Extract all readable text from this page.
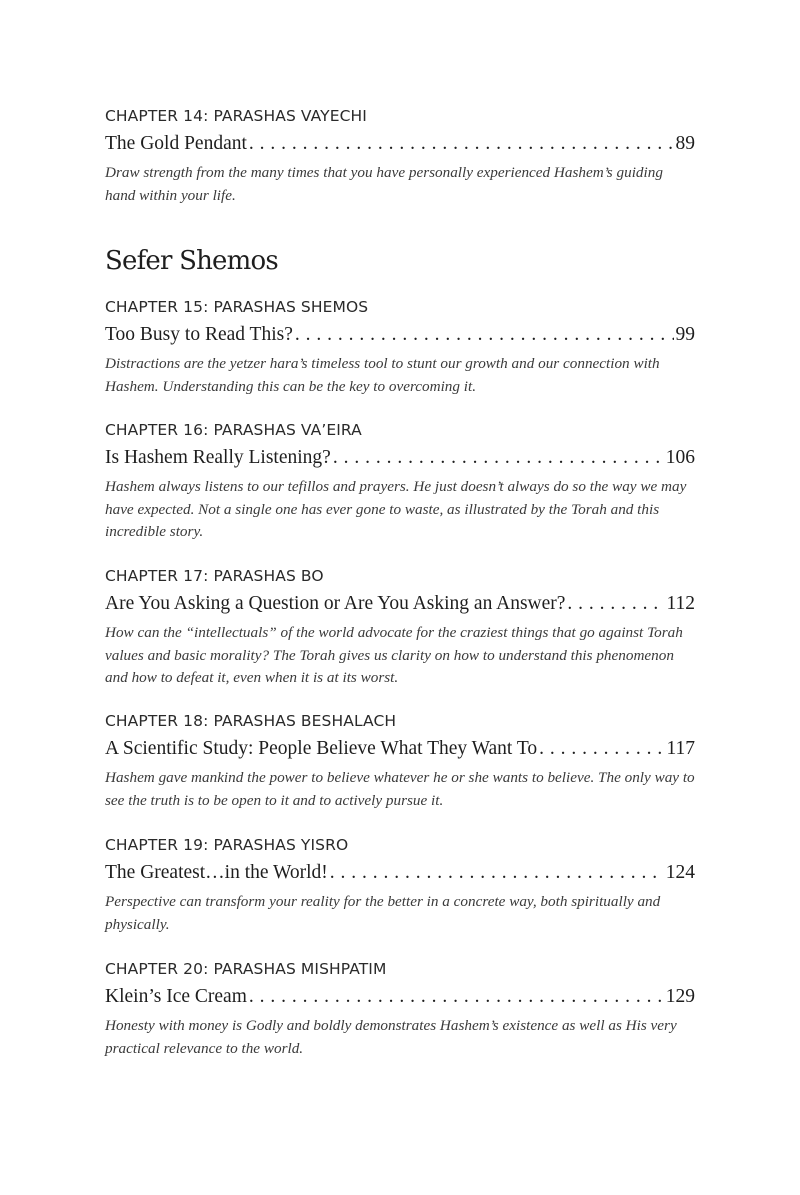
CHAPTER 14: PARASHAS VAYECHI
The Gold Pendant . . .	89
Draw strength from the many times that you have personally experienced Hashem’s guiding hand within your life.
Sefer Shemos
CHAPTER 15: PARASHAS SHEMOS
Too Busy to Read This? . . .	99
Distractions are the yetzer hara’s timeless tool to stunt our growth and our connection with Hashem. Understanding this can be the key to overcoming it.
CHAPTER 16: PARASHAS VA’EIRA
Is Hashem Really Listening? . . .	106
Hashem always listens to our tefillos and prayers. He just doesn’t always do so the way we may have expected. Not a single one has ever gone to waste, as illustrated by the Torah and this incredible story.
CHAPTER 17: PARASHAS BO
Are You Asking a Question or Are You Asking an Answer? . . .	112
How can the “intellectuals” of the world advocate for the craziest things that go against Torah values and basic morality? The Torah gives us clarity on how to understand this phenomenon and how to defeat it, even when it is at its worst.
CHAPTER 18: PARASHAS BESHALACH
A Scientific Study: People Believe What They Want To . . .	117
Hashem gave mankind the power to believe whatever he or she wants to believe. The only way to see the truth is to be open to it and to actively pursue it.
CHAPTER 19: PARASHAS YISRO
The Greatest…in the World! . . .	124
Perspective can transform your reality for the better in a concrete way, both spiritually and physically.
CHAPTER 20: PARASHAS MISHPATIM
Klein’s Ice Cream . . .	129
Honesty with money is Godly and boldly demonstrates Hashem’s existence as well as His very practical relevance to the world.
